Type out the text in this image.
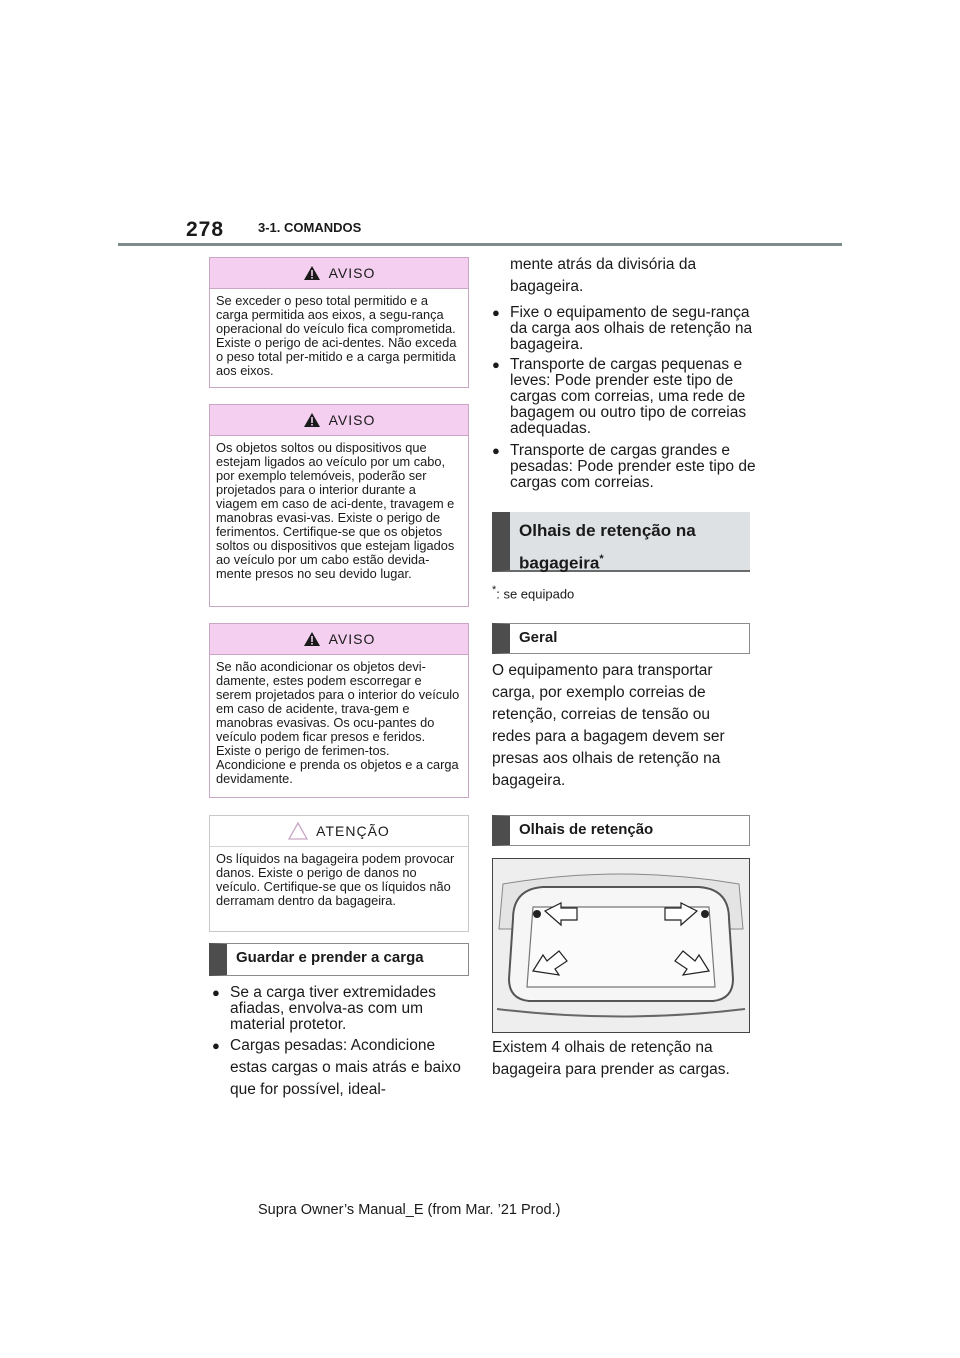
278	3-1. COMANDOS
AVISO
Se exceder o peso total permitido e a carga permitida aos eixos, a segu-rança operacional do veículo fica comprometida. Existe o perigo de aci-dentes. Não exceda o peso total per-mitido e a carga permitida aos eixos.
AVISO
Os objetos soltos ou dispositivos que estejam ligados ao veículo por um cabo, por exemplo telemóveis, poderão ser projetados para o interior durante a viagem em caso de aci-dente, travagem e manobras evasi-vas. Existe o perigo de ferimentos. Certifique-se que os objetos soltos ou dispositivos que estejam ligados ao veículo por um cabo estão devida-mente presos no seu devido lugar.
AVISO
Se não acondicionar os objetos devi-damente, estes podem escorregar e serem projetados para o interior do veículo em caso de acidente, trava-gem e manobras evasivas. Os ocu-pantes do veículo podem ficar presos e feridos. Existe o perigo de ferimen-tos. Acondicione e prenda os objetos e a carga devidamente.
ATENÇÃO
Os líquidos na bagageira podem provocar danos. Existe o perigo de danos no veículo. Certifique-se que os líquidos não derramam dentro da bagageira.
Guardar e prender a carga
● Se a carga tiver extremidades afiadas, envolva-as com um material protetor.
● Cargas pesadas: Acondicione estas cargas o mais atrás e baixo que for possível, ideal-
mente atrás da divisória da bagageira.
● Fixe o equipamento de segu-rança da carga aos olhais de retenção na bagageira.
● Transporte de cargas pequenas e leves: Pode prender este tipo de cargas com correias, uma rede de bagagem ou outro tipo de correias adequadas.
● Transporte de cargas grandes e pesadas: Pode prender este tipo de cargas com correias.
Olhais de retenção na bagageira*
*: se equipado
Geral
O equipamento para transportar carga, por exemplo correias de retenção, correias de tensão ou redes para a bagagem devem ser presas aos olhais de retenção na bagageira.
Olhais de retenção
Existem 4 olhais de retenção na bagageira para prender as cargas.
Supra Owner’s Manual_E (from Mar. ’21 Prod.)
